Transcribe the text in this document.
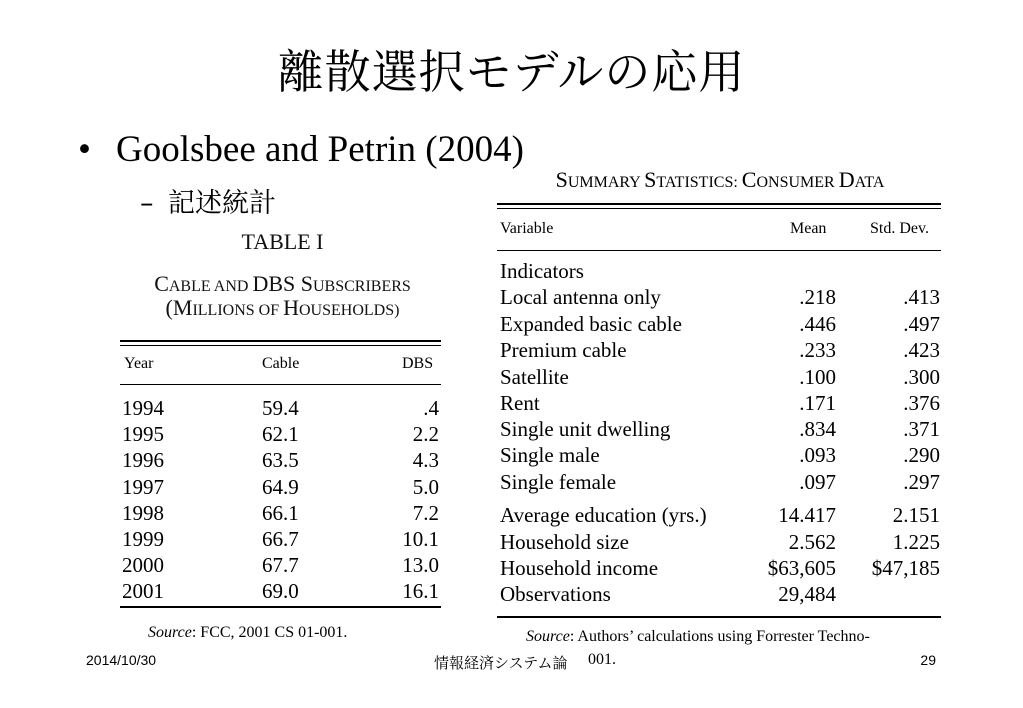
離散選択モデルの応用
• Goolsbee and Petrin (2004)
– 記述統計
TABLE I
CABLE AND DBS SUBSCRIBERS
(MILLIONS OF HOUSEHOLDS)
Year	Cable	DBS
1994	59.4	.4
1995	62.1	2.2
1996	63.5	4.3
1997	64.9	5.0
1998	66.1	7.2
1999	66.7	10.1
2000	67.7	13.0
2001	69.0	16.1
Source: FCC, 2001 CS 01-001.
SUMMARY STATISTICS: CONSUMER DATA
Variable	Mean	Std. Dev.
Indicators
Local antenna only	.218	.413
Expanded basic cable	.446	.497
Premium cable	.233	.423
Satellite	.100	.300
Rent	.171	.376
Single unit dwelling	.834	.371
Single male	.093	.290
Single female	.097	.297
Average education (yrs.)	14.417	2.151
Household size	2.562	1.225
Household income	$63,605 $47,185
Observations	29,484
Source: Authors’ calculations using Forrester Techno-
001.
2014/10/30	情報経済システム論	29
